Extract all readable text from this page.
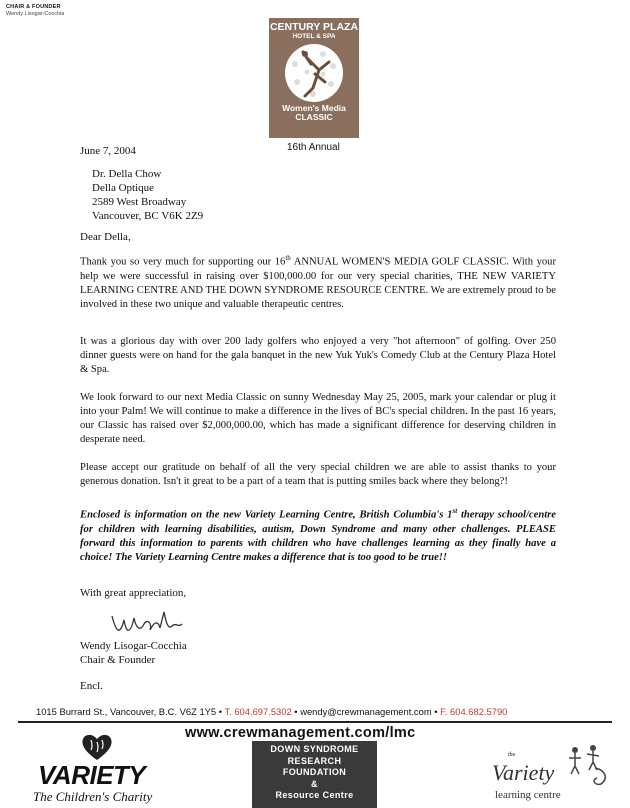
CHAIR & FOUNDER
Wendy Lisogar-Cocchia
CENTURY PLAZA
HOTEL & SPA
Women's Media
CLASSIC
16th Annual
June 7, 2004
Dr. Della Chow
Della Optique
2589 West Broadway
Vancouver, BC V6K 2Z9
Dear Della,
Thank you so very much for supporting our 16th ANNUAL WOMEN'S MEDIA GOLF CLASSIC. With your help we were successful in raising over $100,000.00 for our very special charities, THE NEW VARIETY LEARNING CENTRE AND THE DOWN SYNDROME RESOURCE CENTRE. We are extremely proud to be involved in these two unique and valuable therapeutic centres.
It was a glorious day with over 200 lady golfers who enjoyed a very "hot afternoon" of golfing. Over 250 dinner guests were on hand for the gala banquet in the new Yuk Yuk's Comedy Club at the Century Plaza Hotel & Spa.
We look forward to our next Media Classic on sunny Wednesday May 25, 2005, mark your calendar or plug it into your Palm! We will continue to make a difference in the lives of BC's special children. In the past 16 years, our Classic has raised over $2,000,000.00, which has made a significant difference for deserving children in desperate need.
Please accept our gratitude on behalf of all the very special children we are able to assist thanks to your generous donation. Isn't it great to be a part of a team that is putting smiles back where they belong?!
Enclosed is information on the new Variety Learning Centre, British Columbia's 1st therapy school/centre for children with learning disabilities, autism, Down Syndrome and many other challenges. PLEASE forward this information to parents with children who have challenges learning as they finally have a choice! The Variety Learning Centre makes a difference that is too good to be true!!
With great appreciation,
Wendy Lisogar-Cocchia
Chair & Founder
Encl.
1015 Burrard St., Vancouver, B.C. V6Z 1Y5 • T. 604.697.5302 • wendy@crewmanagement.com • F. 604.682.5790
www.crewmanagement.com/lmc
VARIETY
The Children's Charity
DOWN SYNDROME
RESEARCH
FOUNDATION
&
Resource Centre
the
Variety
learning centre
